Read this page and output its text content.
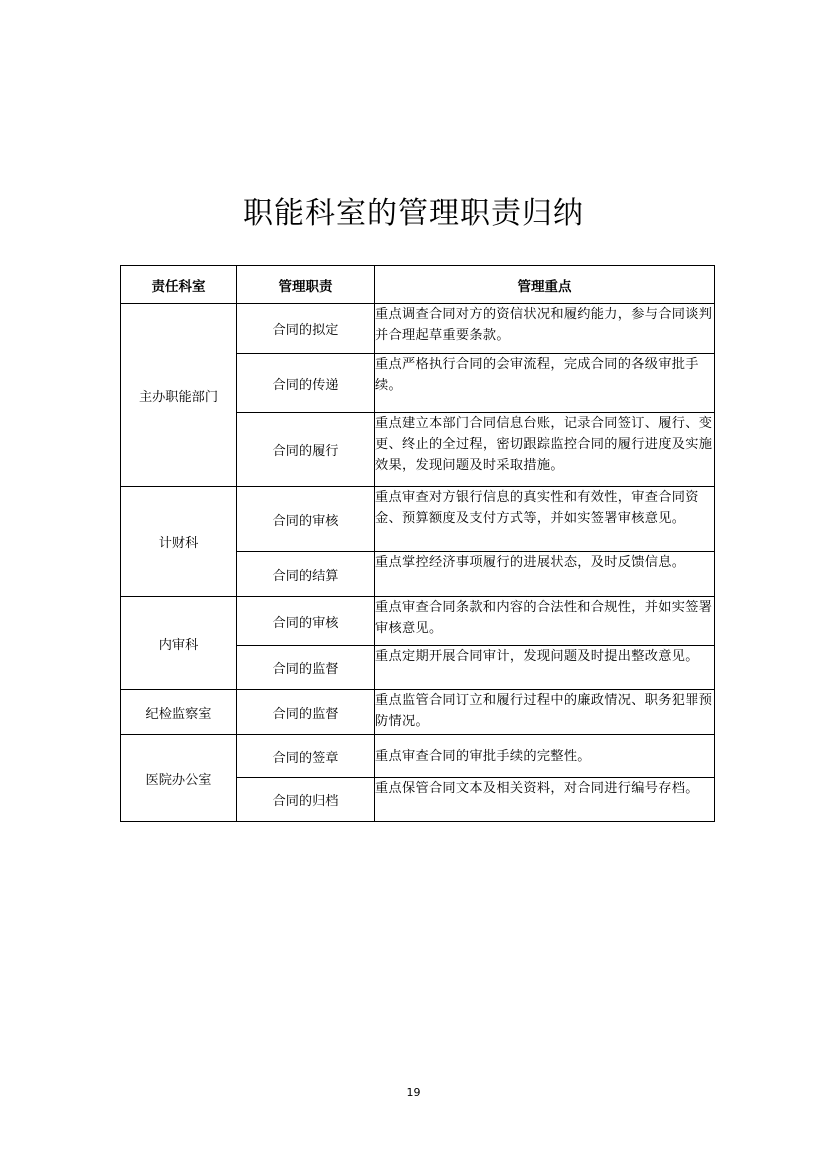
职能科室的管理职责归纳
责任科室	管理职责	管理重点
主办职能部门	合同的拟定	重点调查合同对方的资信状况和履约能力，参与合同谈判并合理起草重要条款。
	合同的传递	重点严格执行合同的会审流程，完成合同的各级审批手续。
	合同的履行	重点建立本部门合同信息台账，记录合同签订、履行、变更、终止的全过程，密切跟踪监控合同的履行进度及实施效果，发现问题及时采取措施。
计财科	合同的审核	重点审查对方银行信息的真实性和有效性，审查合同资金、预算额度及支付方式等，并如实签署审核意见。
	合同的结算	重点掌控经济事项履行的进展状态，及时反馈信息。
内审科	合同的审核	重点审查合同条款和内容的合法性和合规性，并如实签署审核意见。
	合同的监督	重点定期开展合同审计，发现问题及时提出整改意见。
纪检监察室	合同的监督	重点监管合同订立和履行过程中的廉政情况、职务犯罪预防情况。
医院办公室	合同的签章	重点审查合同的审批手续的完整性。
	合同的归档	重点保管合同文本及相关资料，对合同进行编号存档。
19
